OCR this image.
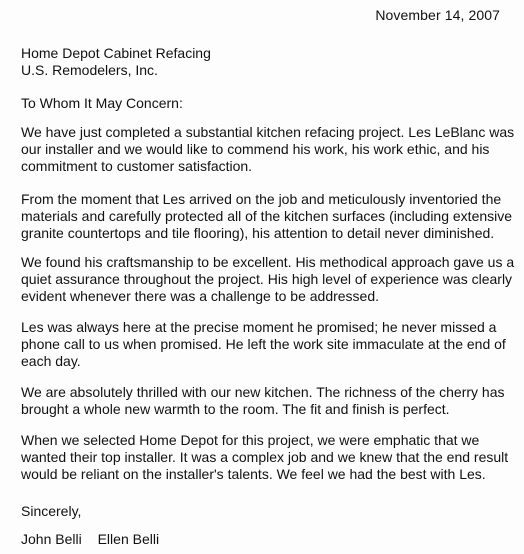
November 14, 2007
Home Depot Cabinet Refacing
U.S. Remodelers, Inc.
To Whom It May Concern:
We have just completed a substantial kitchen refacing project. Les LeBlanc was
our installer and we would like to commend his work, his work ethic, and his
commitment to customer satisfaction.
From the moment that Les arrived on the job and meticulously inventoried the
materials and carefully protected all of the kitchen surfaces (including extensive
granite countertops and tile flooring), his attention to detail never diminished.
We found his craftsmanship to be excellent. His methodical approach gave us a
quiet assurance throughout the project. His high level of experience was clearly
evident whenever there was a challenge to be addressed.
Les was always here at the precise moment he promised; he never missed a
phone call to us when promised. He left the work site immaculate at the end of
each day.
We are absolutely thrilled with our new kitchen. The richness of the cherry has
brought a whole new warmth to the room. The fit and finish is perfect.
When we selected Home Depot for this project, we were emphatic that we
wanted their top installer. It was a complex job and we knew that the end result
would be reliant on the installer's talents. We feel we had the best with Les.
Sincerely,
John Belli Ellen Belli
